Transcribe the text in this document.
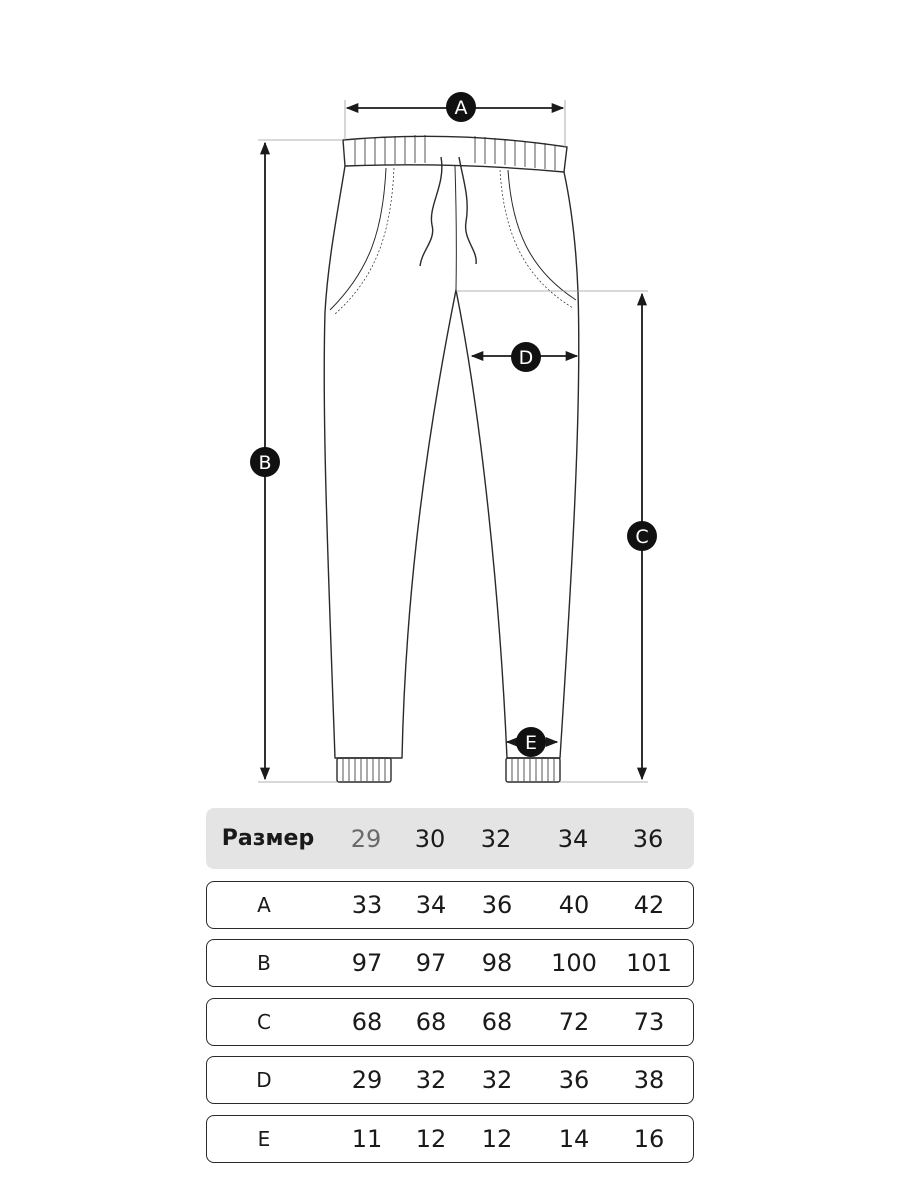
A
B
C
D
E
Размер	29	30	32	34	36
A	33	34	36	40	42
B	97	97	98	100	101
C	68	68	68	72	73
D	29	32	32	36	38
E	11	12	12	14	16
